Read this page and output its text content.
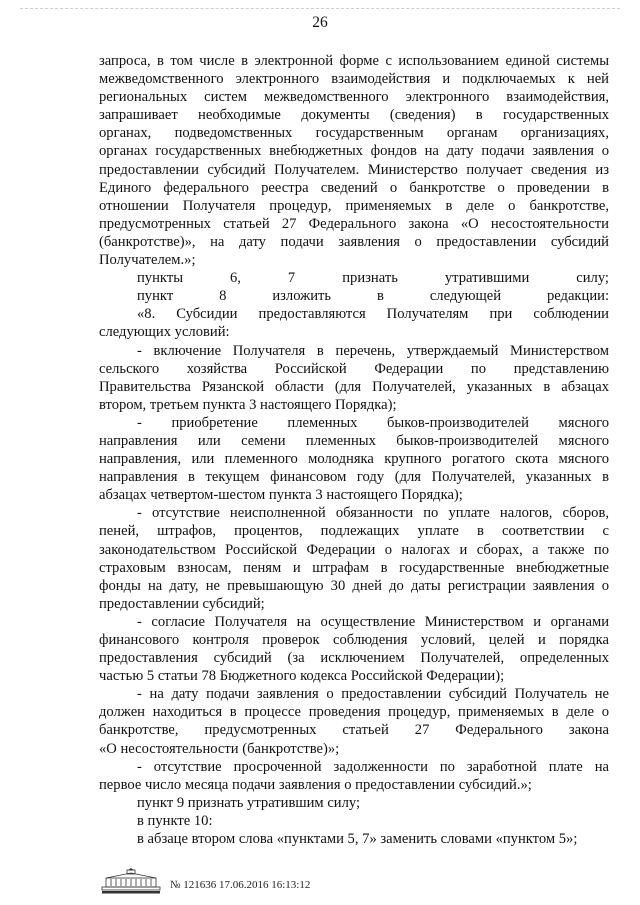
26

запроса, в том числе в электронной форме с использованием единой системы

межведомственного электронного взаимодействия и подключаемых к ней

региональных систем межведомственного электронного взаимодействия,

запрашивает необходимые документы (сведения) в государственных

органах, подведомственных государственным органам организациях,

органах государственных внебюджетных фондов на дату подачи заявления о

предоставлении субсидий Получателем. Министерство получает сведения из

Единого федерального реестра сведений о банкротстве о проведении в

отношении Получателя процедур, применяемых в деле о банкротстве,

предусмотренных статьей 27 Федерального закона «О несостоятельности

(банкротстве)», на дату подачи заявления о предоставлении субсидий

Получателем.»;

пункты 6, 7 признать утратившими силу;

пункт 8 изложить в следующей редакции:

«8. Субсидии предоставляются Получателям при соблюдении

следующих условий:

- включение Получателя в перечень, утверждаемый Министерством

сельского хозяйства Российской Федерации по представлению

Правительства Рязанской области (для Получателей, указанных в абзацах

втором, третьем пункта 3 настоящего Порядка);

- приобретение племенных быков-производителей мясного

направления или семени племенных быков-производителей мясного

направления, или племенного молодняка крупного рогатого скота мясного

направления в текущем финансовом году (для Получателей, указанных в

абзацах четвертом-шестом пункта 3 настоящего Порядка);

- отсутствие неисполненной обязанности по уплате налогов, сборов,

пеней, штрафов, процентов, подлежащих уплате в соответствии с

законодательством Российской Федерации о налогах и сборах, а также по

страховым взносам, пеням и штрафам в государственные внебюджетные

фонды на дату, не превышающую 30 дней до даты регистрации заявления о

предоставлении субсидий;

- согласие Получателя на осуществление Министерством и органами

финансового контроля проверок соблюдения условий, целей и порядка

предоставления субсидий (за исключением Получателей, определенных

частью 5 статьи 78 Бюджетного кодекса Российской Федерации);

- на дату подачи заявления о предоставлении субсидий Получатель не

должен находиться в процессе проведения процедур, применяемых в деле о

банкротстве, предусмотренных статьей 27 Федерального закона

«О несостоятельности (банкротстве)»;

- отсутствие просроченной задолженности по заработной плате на

первое число месяца подачи заявления о предоставлении субсидий.»;

пункт 9 признать утратившим силу;

в пункте 10:

в абзаце втором слова «пунктами 5, 7» заменить словами «пунктом 5»;

№ 121636 17.06.2016 16:13:12
